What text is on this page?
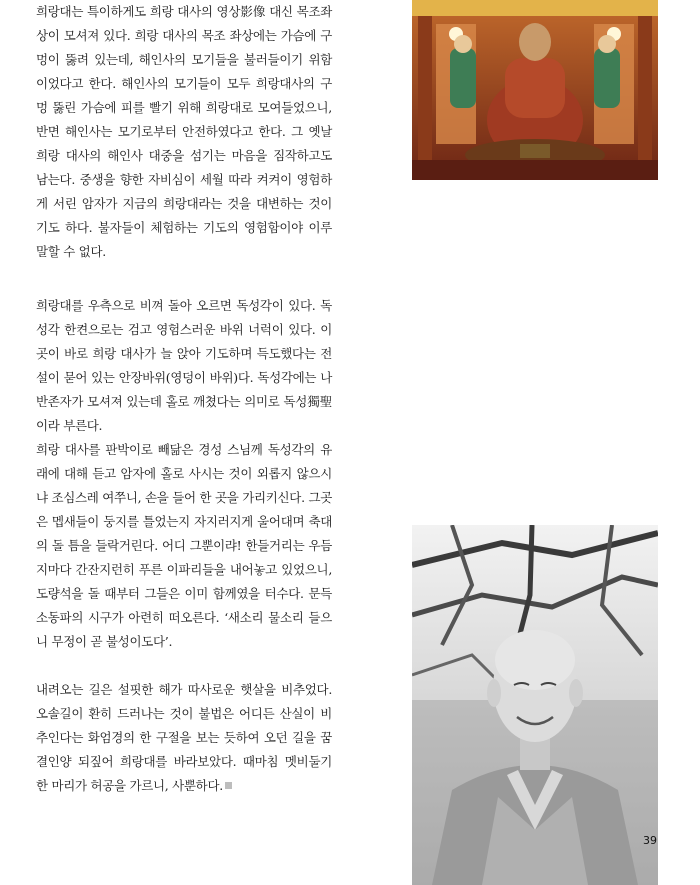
희랑대는 특이하게도 희랑 대사의 영상影像 대신 목조좌상이 모셔져 있다. 희랑 대사의 목조 좌상에는 가슴에 구멍이 뚫려 있는데, 해인사의 모기들을 불러들이기 위함이었다고 한다. 해인사의 모기들이 모두 희랑대사의 구멍 뚫린 가슴에 피를 빨기 위해 희랑대로 모여들었으니, 반면 해인사는 모기로부터 안전하였다고 한다. 그 옛날 희랑 대사의 해인사 대중을 섬기는 마음을 짐작하고도 남는다. 중생을 향한 자비심이 세월 따라 켜켜이 영험하게 서린 암자가 지금의 희랑대라는 것을 대변하는 것이기도 하다. 불자들이 체험하는 기도의 영험함이야 이루 말할 수 없다.

희랑대를 우측으로 비껴 돌아 오르면 독성각이 있다. 독성각 한켠으로는 검고 영험스러운 바위 너럭이 있다. 이곳이 바로 희랑 대사가 늘 앉아 기도하며 득도했다는 전설이 묻어 있는 안장바위(영덩이 바위)다. 독성각에는 나반존자가 모셔져 있는데 홀로 깨쳤다는 의미로 독성獨聖이라 부른다.

희랑 대사를 판박이로 빼닮은 경성 스님께 독성각의 유래에 대해 듣고 암자에 홀로 사시는 것이 외롭지 않으시냐 조심스레 여쭈니, 손을 들어 한 곳을 가리키신다. 그곳은 멥새들이 둥지를 틀었는지 자지러지게 울어대며 축대의 돌 틈을 들락거린다. 어디 그뿐이랴! 한들거리는 우듬지마다 간잔지런히 푸른 이파리들을 내어놓고 있었으니, 도량석을 돌 때부터 그들은 이미 함께였을 터수다. 문득 소동파의 시구가 아련히 떠오른다. ‘새소리 물소리 들으니 무정이 곧 불성이도다’.

내려오는 길은 설핏한 해가 따사로운 햇살을 비추었다. 오솔길이 환히 드러나는 것이 불법은 어디든 산실이 비추인다는 화엄경의 한 구절을 보는 듯하여 오던 길을 꿈결인양 되짚어 희랑대를 바라보았다. 때마침 멧비둘기 한 마리가 허공을 가르니, 사뿐하다.

39
